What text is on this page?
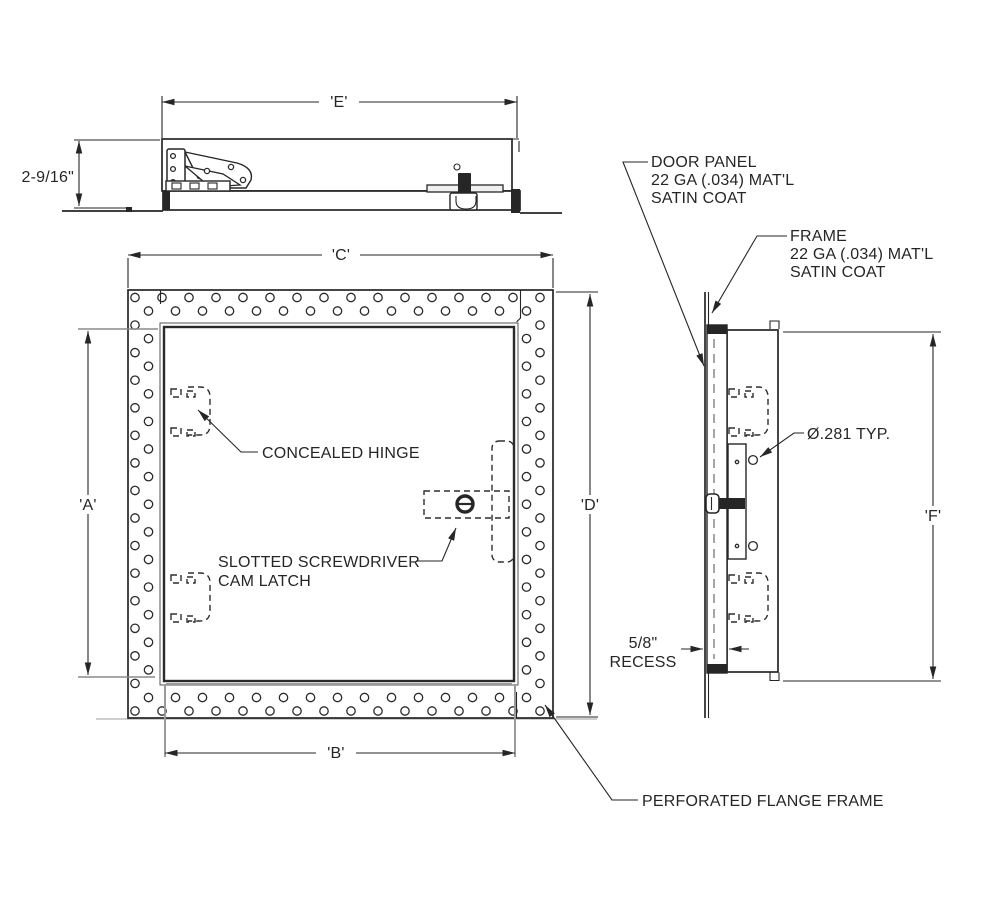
'E'
2-9/16"
'C'
'A'	'D'
'B'
CONCEALED HINGE
SLOTTED SCREWDRIVER
CAM LATCH
PERFORATED FLANGE FRAME
5/8"
RECESS
'F'
Ø.281 TYP.
DOOR PANEL
22 GA (.034) MAT'L
SATIN COAT
FRAME
22 GA (.034) MAT'L
SATIN COAT
